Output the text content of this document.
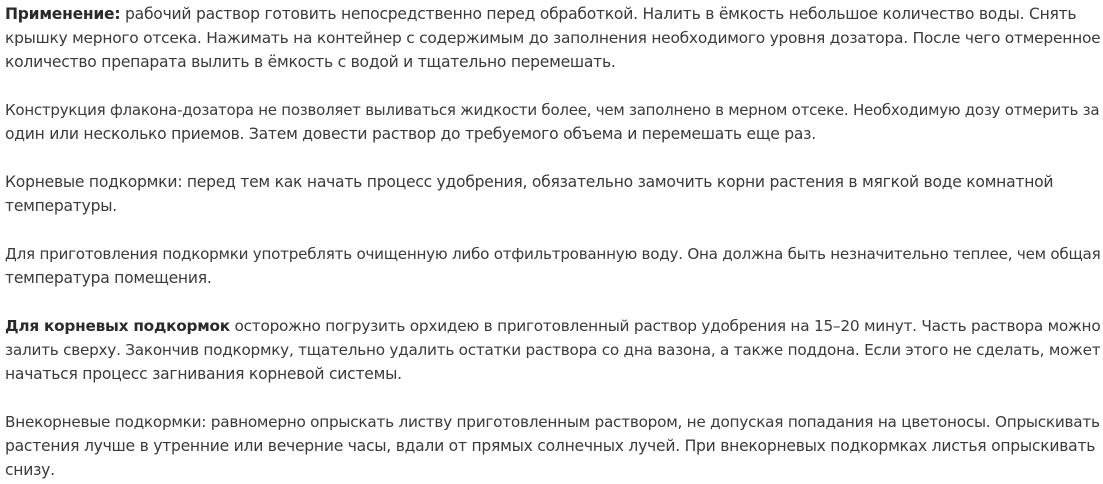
Применение: рабочий раствор готовить непосредственно перед обработкой. Налить в ёмкость небольшое количество воды. Снять
крышку мерного отсека. Нажимать на контейнер с содержимым до заполнения необходимого уровня дозатора. После чего отмеренное
количество препарата вылить в ёмкость с водой и тщательно перемешать.
Конструкция флакона-дозатора не позволяет выливаться жидкости более, чем заполнено в мерном отсеке. Необходимую дозу отмерить за
один или несколько приемов. Затем довести раствор до требуемого объема и перемешать еще раз.
Корневые подкормки: перед тем как начать процесс удобрения, обязательно замочить корни растения в мягкой воде комнатной
температуры.
Для приготовления подкормки употреблять очищенную либо отфильтрованную воду. Она должна быть незначительно теплее, чем общая
температура помещения.
Для корневых подкормок осторожно погрузить орхидею в приготовленный раствор удобрения на 15–20 минут. Часть раствора можно
залить сверху. Закончив подкормку, тщательно удалить остатки раствора со дна вазона, а также поддона. Если этого не сделать, может
начаться процесс загнивания корневой системы.
Внекорневые подкормки: равномерно опрыскать листву приготовленным раствором, не допуская попадания на цветоносы. Опрыскивать
растения лучше в утренние или вечерние часы, вдали от прямых солнечных лучей. При внекорневых подкормках листья опрыскивать
снизу.
